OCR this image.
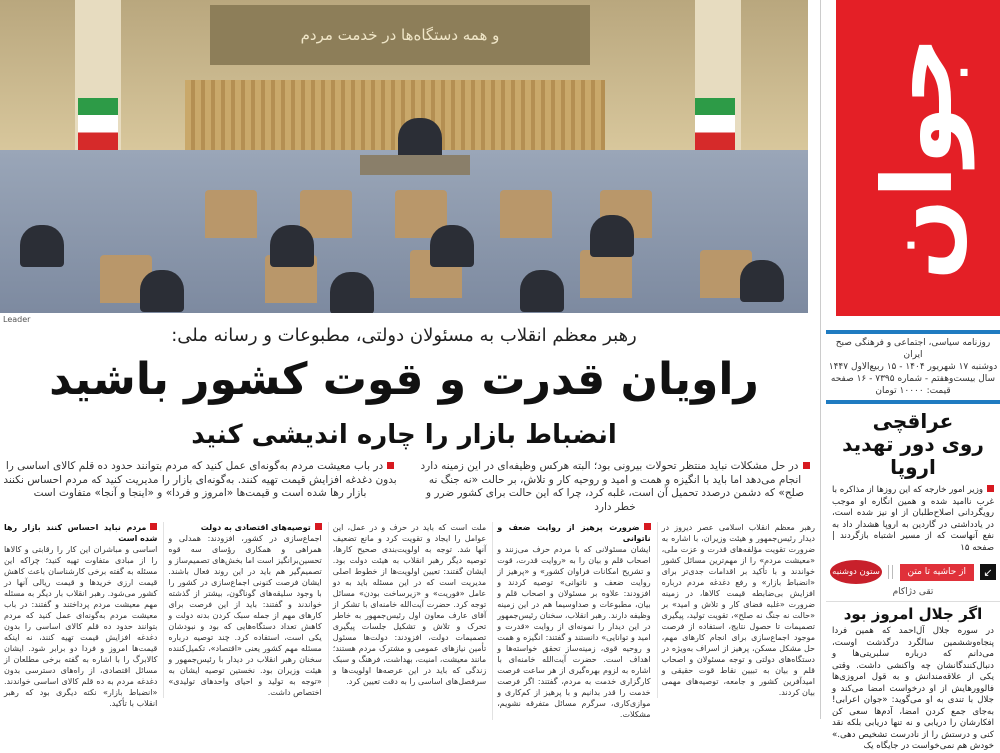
و همه دستگاه‌ها در خدمت مردم
جوان
Leader
رهبر معظم انقلاب به مسئولان دولتی، مطبوعات و رسانه ملی:
راویان قدرت و قوت کشور باشید
انضباط بازار را چاره اندیشی کنید
در حل مشکلات نباید منتظر تحولات بیرونی بود؛ البته هرکس وظیفه‌ای در این زمینه دارد انجام می‌دهد اما باید با انگیزه و همت و امید و روحیه کار و تلاش، بر حالت «نه جنگ نه صلح» که دشمن درصدد تحمیل آن است، غلبه کرد، چرا که این حالت برای کشور ضرر و خطر دارد
در باب معیشت مردم به‌گونه‌ای عمل کنید که مردم بتوانند حدود ده قلم کالای اساسی را بدون دغدغه افزایش قیمت تهیه کنند. به‌گونه‌ای بازار را مدیریت کنید که مردم احساس نکنند بازار رها شده است و قیمت‌ها «امروز و فردا» و «اینجا و آنجا» متفاوت است
رهبر معظم انقلاب اسلامی عصر دیروز در دیدار رئیس‌جمهور و هیئت وزیران، با اشاره به ضرورت تقویت مؤلفه‌های قدرت و عزت ملی، «معیشت مردم» را از مهم‌ترین مسائل کشور خواندند و با تأکید بر اقدامات جدی‌تر برای «انضباط بازار» و رفع دغدغه مردم درباره افزایش بی‌ضابطه قیمت کالاها، در زمینه ضرورت «غلبه فضای کار و تلاش و امید» بر «حالت نه جنگ نه صلح»، تقویت تولید، پیگیری تصمیمات تا حصول نتایج، استفاده از فرصت موجود اجماع‌سازی برای انجام کارهای مهم، حل مشکل مسکن، پرهیز از اسراف به‌ویژه در دستگاه‌های دولتی و توجه مسئولان و اصحاب قلم و بیان به تبیین نقاط قوت حقیقی و امیدآفرین کشور و جامعه، توصیه‌های مهمی بیان کردند.
ضرورت پرهیز از روایت ضعف و ناتوانی
ایشان مسئولانی که با مردم حرف می‌زنند و اصحاب قلم و بیان را به «روایت قدرت، قوت و تشریح امکانات فراوان کشور» و «پرهیز از روایت ضعف و ناتوانی» توصیه کردند و افزودند: علاوه بر مسئولان و اصحاب قلم و بیان، مطبوعات و صداوسیما هم در این زمینه وظیفه دارند. رهبر انقلاب، سخنان رئیس‌جمهور در این دیدار را نمونه‌ای از روایت «قدرت و امید و توانایی» دانستند و گفتند: انگیزه و همت و روحیه قوی، زمینه‌ساز تحقق خواسته‌ها و اهداف است. حضرت آیت‌الله خامنه‌ای با اشاره به لزوم بهره‌گیری از هر ساعت فرصت کارگزاری خدمت به مردم، گفتند: اگر فرصت خدمت را قدر بدانیم و با پرهیز از کم‌کاری و موازی‌کاری، سرگرم مسائل متفرقه نشویم، مشکلات.
ملت است که باید در حرف و در عمل، این عوامل را ایجاد و تقویت کرد و مانع تضعیف آنها شد. توجه به اولویت‌بندی صحیح کارها، توصیه دیگر رهبر انقلاب به هیئت دولت بود. ایشان گفتند: تعیین اولویت‌ها از خطوط اصلی مدیریت است که در این مسئله باید به دو عامل «فوریت» و «زیرساخت بودن» مسائل توجه کرد. حضرت آیت‌الله خامنه‌ای با تشکر از آقای عارف معاون اول رئیس‌جمهور به خاطر تحرک و تلاش و تشکیل جلسات پیگیری تصمیمات دولت، افزودند: دولت‌ها مسئول تأمین نیازهای عمومی و مشترک مردم هستند؛ مانند معیشت، امنیت، بهداشت، فرهنگ و سبک زندگی که باید در این عرصه‌ها اولویت‌ها و سرفصل‌های اساسی را به دقت تعیین کرد.
توصیه‌های اقتصادی به دولت
اجماع‌سازی در کشور، افزودند: همدلی و همراهی و همکاری رؤسای سه قوه تحسین‌برانگیز است اما بخش‌های تصمیم‌ساز و تصمیم‌گیر هم باید در این روند فعال باشند. ایشان فرصت کنونی اجماع‌سازی در کشور را با وجود سلیقه‌های گوناگون، بیشتر از گذشته خواندند و گفتند: باید از این فرصت برای کارهای مهم از جمله سبک کردن بدنه دولت و کاهش تعداد دستگاه‌هایی که بود و نبودشان یکی است، استفاده کرد. چند توصیه درباره مسئله مهم کشور یعنی «اقتصاد»، تکمیل‌کننده سخنان رهبر انقلاب در دیدار با رئیس‌جمهور و هیئت وزیران بود. نخستین توصیه ایشان به «توجه به تولید و احیای واحدهای تولیدی» اختصاص داشت.
مردم نباید احساس کنند بازار رها شده است
اساسی و مباشران این کار را رقابتی و کالاها را از مبادی متفاوت تهیه کنید؛ چراکه این مسئله به گفته برخی کارشناسان باعث کاهش قیمت ارزی خریدها و قیمت ریالی آنها در کشور می‌شود. رهبر انقلاب بار دیگر به مسئله مهم معیشت مردم پرداختند و گفتند: در باب معیشت مردم به‌گونه‌ای عمل کنید که مردم بتوانند حدود ده قلم کالای اساسی را بدون دغدغه افزایش قیمت تهیه کنند، نه اینکه قیمت‌ها امروز و فردا دو برابر شود. ایشان کالابرگ را با اشاره به گفته برخی مطلعان از مسائل اقتصادی، از راه‌های دسترسی بدون دغدغه مردم به ده قلم کالای اساسی خواندند. «انضباط بازار» نکته دیگری بود که رهبر انقلاب با تأکید.
روزنامه سیاسی، اجتماعی و فرهنگی صبح ایران
دوشنبه ۱۷ شهریور ۱۴۰۴ - ۱۵ ربیع‌الاول ۱۴۴۷
سال بیست‌وهفتم - شماره ۷۳۹۵ - ۱۶ صفحه
قیمت: ۱۰۰۰۰ تومان
عراقچی
روی دور تهدید اروپا
وزیر امور خارجه که این روزها از مذاکره با غرب ناامید شده و همین انگاره او موجب رویگردانی اصلاح‌طلبان از او نیز شده است، در یادداشتی در گاردین به اروپا هشدار داد به نفع آنهاست که از مسیر اشتباه بازگردند | صفحه ۱۵
↙
از حاشیه تا متن
ستون دوشنبه
تقی دژاکام
اگر جلال امروز بود
در سوره جلال آل‌احمد که همین فردا پنجاه‌وششمین سالگرد درگذشت اوست، می‌دانم که درباره سلبریتی‌ها و دنبال‌کنندگانشان چه واکنشی داشت. وقتی یکی از علاقه‌مندانش و به قول امروزی‌ها فالوورهایش از او درخواست امضا می‌کند و جلال با تندی به او می‌گوید: «جوان اعرابی! به‌جای جمع کردن امضا، آدم‌ها سعی کن افکارشان را دریابی و نه تنها دریابی بلکه نقد کنی و درستش را از نادرست تشخیص دهی.» خودش هم نمی‌خواست در جایگاه یک
